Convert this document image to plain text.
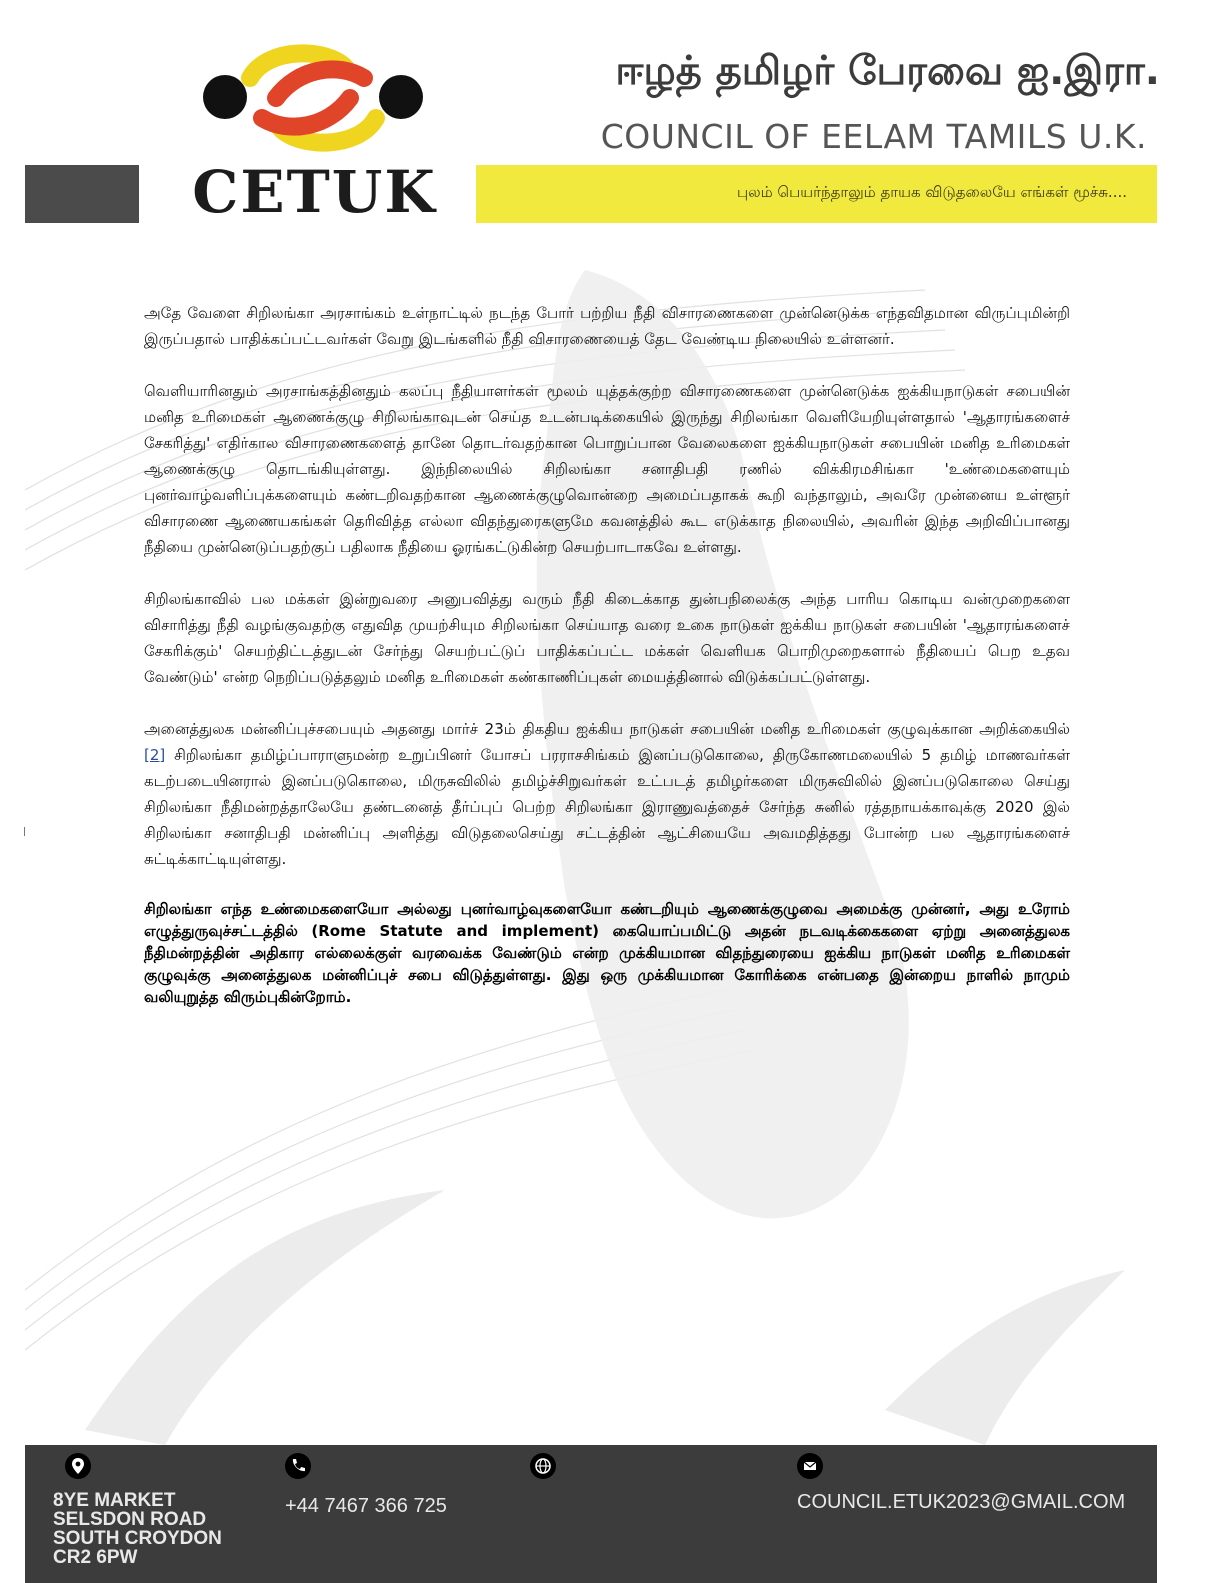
CETUK
ஈழத் தமிழர் பேரவை ஐ.இரா.
COUNCIL OF EELAM TAMILS U.K.
புலம் பெயர்ந்தாலும் தாயக விடுதலையே எங்கள் மூச்சு....

அதே வேளை சிறிலங்கா அரசாங்கம் உள்நாட்டில் நடந்த போர் பற்றிய நீதி விசாரணைகளை முன்னெடுக்க எந்தவிதமான விருப்புமின்றி இருப்பதால் பாதிக்கப்பட்டவர்கள் வேறு இடங்களில் நீதி விசாரணையைத் தேட வேண்டிய நிலையில் உள்ளனர்.

வெளியாரினதும் அரசாங்கத்தினதும் கலப்பு நீதியாளர்கள் மூலம் யுத்தக்குற்ற விசாரணைகளை முன்னெடுக்க ஐக்கியநாடுகள் சபையின் மனித உரிமைகள் ஆணைக்குழு சிறிலங்காவுடன் செய்த உடன்படிக்கையில் இருந்து சிறிலங்கா வெளியேறியுள்ளதால் 'ஆதாரங்களைச் சேகரித்து' எதிர்கால விசாரணைகளைத் தானே தொடர்வதற்கான பொறுப்பான வேலைகளை ஐக்கியநாடுகள் சபையின் மனித உரிமைகள் ஆணைக்குழு தொடங்கியுள்ளது. இந்நிலையில் சிறிலங்கா சனாதிபதி ரணில் விக்கிரமசிங்கா 'உண்மைகளையும் புனர்வாழ்வளிப்புக்களையும் கண்டறிவதற்கான ஆணைக்குழுவொன்றை அமைப்பதாகக் கூறி வந்தாலும், அவரே முன்னைய உள்ளூர் விசாரணை ஆணையகங்கள் தெரிவித்த எல்லா விதந்துரைகளுமே கவனத்தில் கூட எடுக்காத நிலையில், அவரின் இந்த அறிவிப்பானது நீதியை முன்னெடுப்பதற்குப் பதிலாக நீதியை ஓரங்கட்டுகின்ற செயற்பாடாகவே உள்ளது.

சிறிலங்காவில் பல மக்கள் இன்றுவரை அனுபவித்து வரும் நீதி கிடைக்காத துன்பநிலைக்கு அந்த பாரிய கொடிய வன்முறைகளை விசாரித்து நீதி வழங்குவதற்கு எதுவித முயற்சியும சிறிலங்கா செய்யாத வரை உகை நாடுகள் ஐக்கிய நாடுகள் சபையின் 'ஆதாரங்களைச் சேகரிக்கும்' செயற்திட்டத்துடன் சேர்ந்து செயற்பட்டுப் பாதிக்கப்பட்ட மக்கள் வெளியக பொறிமுறைகளால் நீதியைப் பெற உதவ வேண்டும்' என்ற நெறிப்படுத்தலும் மனித உரிமைகள் கண்காணிப்புகள் மையத்தினால் விடுக்கப்பட்டுள்ளது.

அனைத்துலக மன்னிப்புச்சபையும் அதனது மார்ச் 23ம் திகதிய ஐக்கிய நாடுகள் சபையின் மனித உரிமைகள் குழுவுக்கான அறிக்கையில் [2] சிறிலங்கா தமிழ்ப்பாராளுமன்ற உறுப்பினர் யோசப் பரராசசிங்கம் இனப்படுகொலை, திருகோணமலையில் 5 தமிழ் மாணவர்கள் கடற்படையினரால் இனப்படுகொலை, மிருசுவிலில் தமிழ்ச்சிறுவர்கள் உட்படத் தமிழர்களை மிருசுவிலில் இனப்படுகொலை செய்து சிறிலங்கா நீதிமன்றத்தாலேயே தண்டனைத் தீர்ப்புப் பெற்ற சிறிலங்கா இராணுவத்தைச் சேர்ந்த சுனில் ரத்தநாயக்காவுக்கு 2020 இல் சிறிலங்கா சனாதிபதி மன்னிப்பு அளித்து விடுதலைசெய்து சட்டத்தின் ஆட்சியையே அவமதித்தது போன்ற பல ஆதாரங்களைச் சுட்டிக்காட்டியுள்ளது.

சிறிலங்கா எந்த உண்மைகளையோ அல்லது புனர்வாழ்வுகளையோ கண்டறியும் ஆணைக்குழுவை அமைக்கு முன்னர், அது உரோம் எழுத்துருவுச்சட்டத்தில் (Rome Statute and implement) கையொப்பமிட்டு அதன் நடவடிக்கைகளை ஏற்று அனைத்துலக நீதிமன்றத்தின் அதிகார எல்லைக்குள் வரவைக்க வேண்டும் என்ற முக்கியமான விதந்துரையை ஐக்கிய நாடுகள் மனித உரிமைகள் குழுவுக்கு அனைத்துலக மன்னிப்புச் சபை விடுத்துள்ளது. இது ஒரு முக்கியமான கோரிக்கை என்பதை இன்றைய நாளில் நாமும் வலியுறுத்த விரும்புகின்றோம்.

8YE MARKET
SELSDON ROAD
SOUTH CROYDON
CR2 6PW
+44 7467 366 725	COUNCIL.ETUK2023@GMAIL.COM
